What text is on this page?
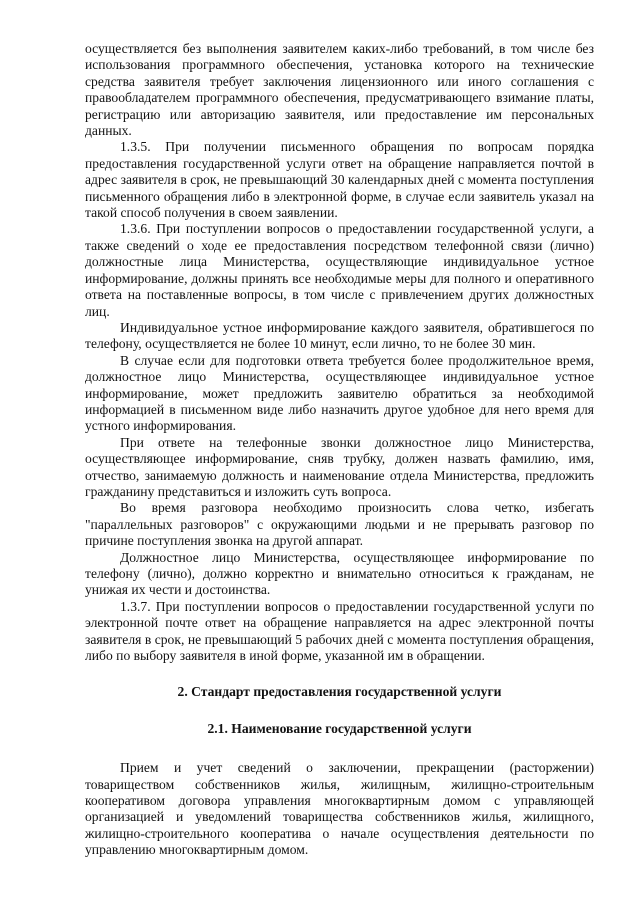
осуществляется без выполнения заявителем каких-либо требований, в том числе без использования программного обеспечения, установка которого на технические средства заявителя требует заключения лицензионного или иного соглашения с правообладателем программного обеспечения, предусматривающего взимание платы, регистрацию или авторизацию заявителя, или предоставление им персональных данных.

1.3.5. При получении письменного обращения по вопросам порядка предоставления государственной услуги ответ на обращение направляется почтой в адрес заявителя в срок, не превышающий 30 календарных дней с момента поступления письменного обращения либо в электронной форме, в случае если заявитель указал на такой способ получения в своем заявлении.

1.3.6. При поступлении вопросов о предоставлении государственной услуги, а также сведений о ходе ее предоставления посредством телефонной связи (лично) должностные лица Министерства, осуществляющие индивидуальное устное информирование, должны принять все необходимые меры для полного и оперативного ответа на поставленные вопросы, в том числе с привлечением других должностных лиц.

Индивидуальное устное информирование каждого заявителя, обратившегося по телефону, осуществляется не более 10 минут, если лично, то не более 30 мин.

В случае если для подготовки ответа требуется более продолжительное время, должностное лицо Министерства, осуществляющее индивидуальное устное информирование, может предложить заявителю обратиться за необходимой информацией в письменном виде либо назначить другое удобное для него время для устного информирования.

При ответе на телефонные звонки должностное лицо Министерства, осуществляющее информирование, сняв трубку, должен назвать фамилию, имя, отчество, занимаемую должность и наименование отдела Министерства, предложить гражданину представиться и изложить суть вопроса.

Во время разговора необходимо произносить слова четко, избегать "параллельных разговоров" с окружающими людьми и не прерывать разговор по причине поступления звонка на другой аппарат.

Должностное лицо Министерства, осуществляющее информирование по телефону (лично), должно корректно и внимательно относиться к гражданам, не унижая их чести и достоинства.

1.3.7. При поступлении вопросов о предоставлении государственной услуги по электронной почте ответ на обращение направляется на адрес электронной почты заявителя в срок, не превышающий 5 рабочих дней с момента поступления обращения, либо по выбору заявителя в иной форме, указанной им в обращении.

2. Стандарт предоставления государственной услуги

2.1. Наименование государственной услуги

Прием и учет сведений о заключении, прекращении (расторжении) товариществом собственников жилья, жилищным, жилищно-строительным кооперативом договора управления многоквартирным домом с управляющей организацией и уведомлений товарищества собственников жилья, жилищного, жилищно-строительного кооператива о начале осуществления деятельности по управлению многоквартирным домом.
